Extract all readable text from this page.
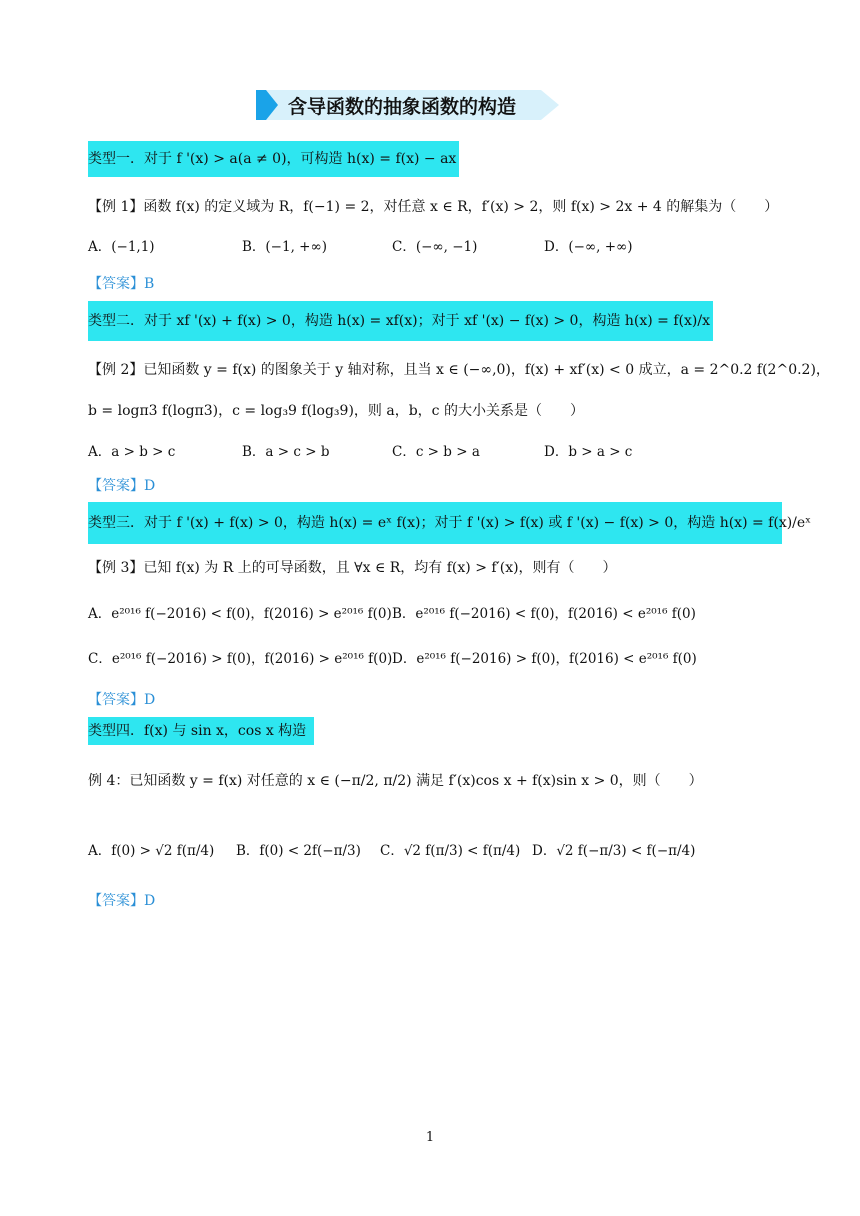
含导函数的抽象函数的构造
类型一．对于 f '(x) > a(a ≠ 0)，可构造 h(x) = f(x) − ax
【例 1】函数 f(x) 的定义域为 R，f(−1) = 2，对任意 x ∈ R，f′(x) > 2，则 f(x) > 2x + 4 的解集为（　　）
A．(−1,1)	B．(−1, +∞)	C．(−∞, −1)	D．(−∞, +∞)
【答案】B
类型二．对于 xf '(x) + f(x) > 0，构造 h(x) = xf(x)；对于 xf '(x) − f(x) > 0，构造 h(x) = f(x)/x
【例 2】已知函数 y = f(x) 的图象关于 y 轴对称，且当 x ∈ (−∞,0)，f(x) + xf′(x) < 0 成立，a = 2^0.2 f(2^0.2)，
b = logπ3 f(logπ3)，c = log₃9 f(log₃9)，则 a，b，c 的大小关系是（　　）
A．a > b > c	B．a > c > b	C．c > b > a	D．b > a > c
【答案】D
类型三．对于 f '(x) + f(x) > 0，构造 h(x) = eˣ f(x)；对于 f '(x) > f(x) 或 f '(x) − f(x) > 0，构造 h(x) = f(x)/eˣ
【例 3】已知 f(x) 为 R 上的可导函数，且 ∀x ∈ R，均有 f(x) > f′(x)，则有（　　）
A．e²⁰¹⁶ f(−2016) < f(0)，f(2016) > e²⁰¹⁶ f(0) B．e²⁰¹⁶ f(−2016) < f(0)，f(2016) < e²⁰¹⁶ f(0)
C．e²⁰¹⁶ f(−2016) > f(0)，f(2016) > e²⁰¹⁶ f(0) D．e²⁰¹⁶ f(−2016) > f(0)，f(2016) < e²⁰¹⁶ f(0)
【答案】D
类型四．f(x) 与 sin x，cos x 构造
例 4：已知函数 y = f(x) 对任意的 x ∈ (−π/2, π/2) 满足 f′(x)cos x + f(x)sin x > 0，则（　　）
A．f(0) > √2 f(π/4) B．f(0) < 2f(−π/3) C．√2 f(π/3) < f(π/4) D．√2 f(−π/3) < f(−π/4)
【答案】D
1
